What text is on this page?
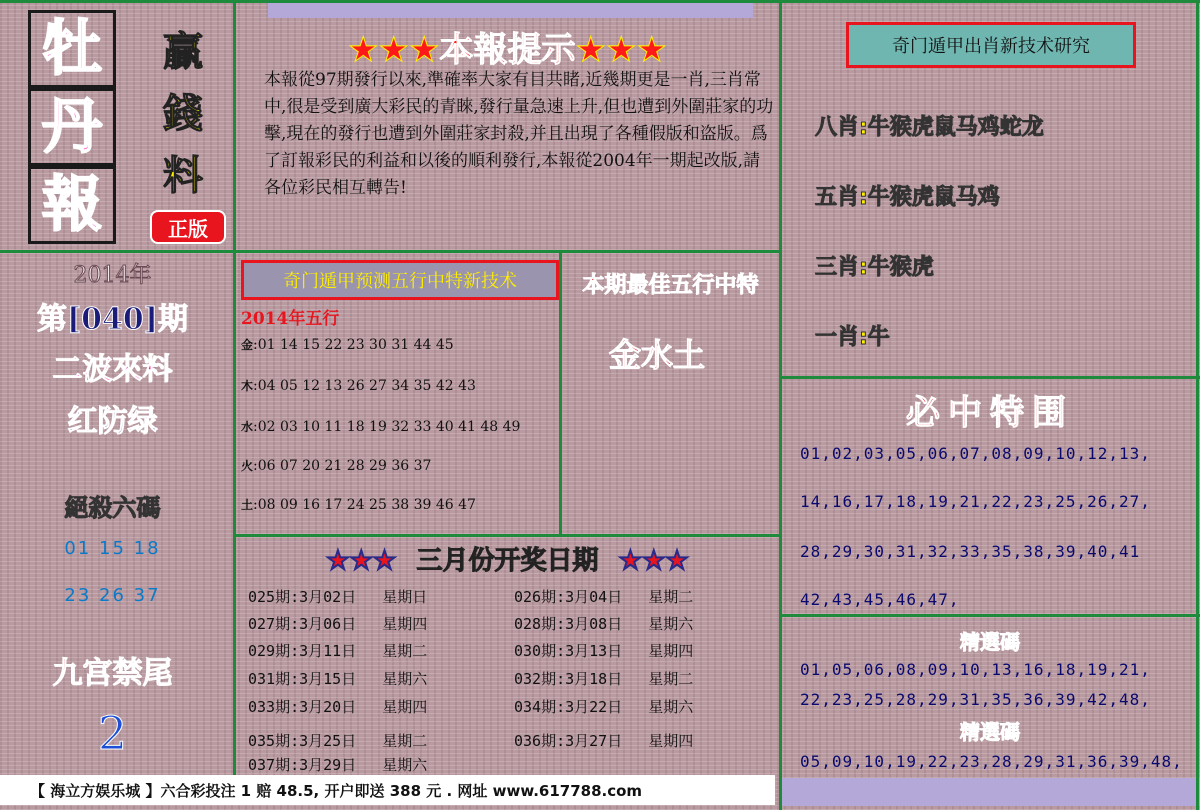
牡
丹
報
贏
錢
料
正版
★★★本報提示★★★

本報從97期發行以來,準確率大家有目共睹,近幾期更是一肖,三肖常中,很是受到廣大彩民的青睞,發行量急速上升,但也遭到外圍莊家的功擊,現在的發行也遭到外圍莊家封殺,并且出現了各種假版和盗版。爲了訂報彩民的利益和以後的順利發行,本報從2004年一期起改版,請各位彩民相互轉告!

2014年
第[040]期
二波來料
红防绿
絕殺六碼
01 15 18
23 26 37
九宫禁尾
2
奇门遁甲出肖新技术研究
八肖:牛猴虎鼠马鸡蛇龙
五肖:牛猴虎鼠马鸡
三肖:牛猴虎
一肖:牛
奇门遁甲预测五行中特新技术
2014年五行
金:01 14 15 22 23 30 31 44 45
木:04 05 12 13 26 27 34 35 42 43
水:02 03 10 11 18 19 32 33 40 41 48 49
火:06 07 20 21 28 29 36 37
土:08 09 16 17 24 25 38 39 46 47
本期最佳五行中特
金水土
★★★ 三月份开奖日期 ★★★
025期:3月02日 星期日	026期:3月04日 星期二
027期:3月06日 星期四	028期:3月08日 星期六
029期:3月11日 星期二	030期:3月13日 星期四
031期:3月15日 星期六	032期:3月18日 星期二
033期:3月20日 星期四	034期:3月22日 星期六
035期:3月25日 星期二	036期:3月27日 星期四
037期:3月29日 星期六
必中特围
01,02,03,05,06,07,08,09,10,12,13,
14,16,17,18,19,21,22,23,25,26,27,
28,29,30,31,32,33,35,38,39,40,41
42,43,45,46,47,
精選碼
01,05,06,08,09,10,13,16,18,19,21,
22,23,25,28,29,31,35,36,39,42,48,
精選碼
05,09,10,19,22,23,28,29,31,36,39,48,
【 海立方娱乐城 】六合彩投注 1 赔 48.5, 开户即送 388 元 . 网址 www.617788.com
